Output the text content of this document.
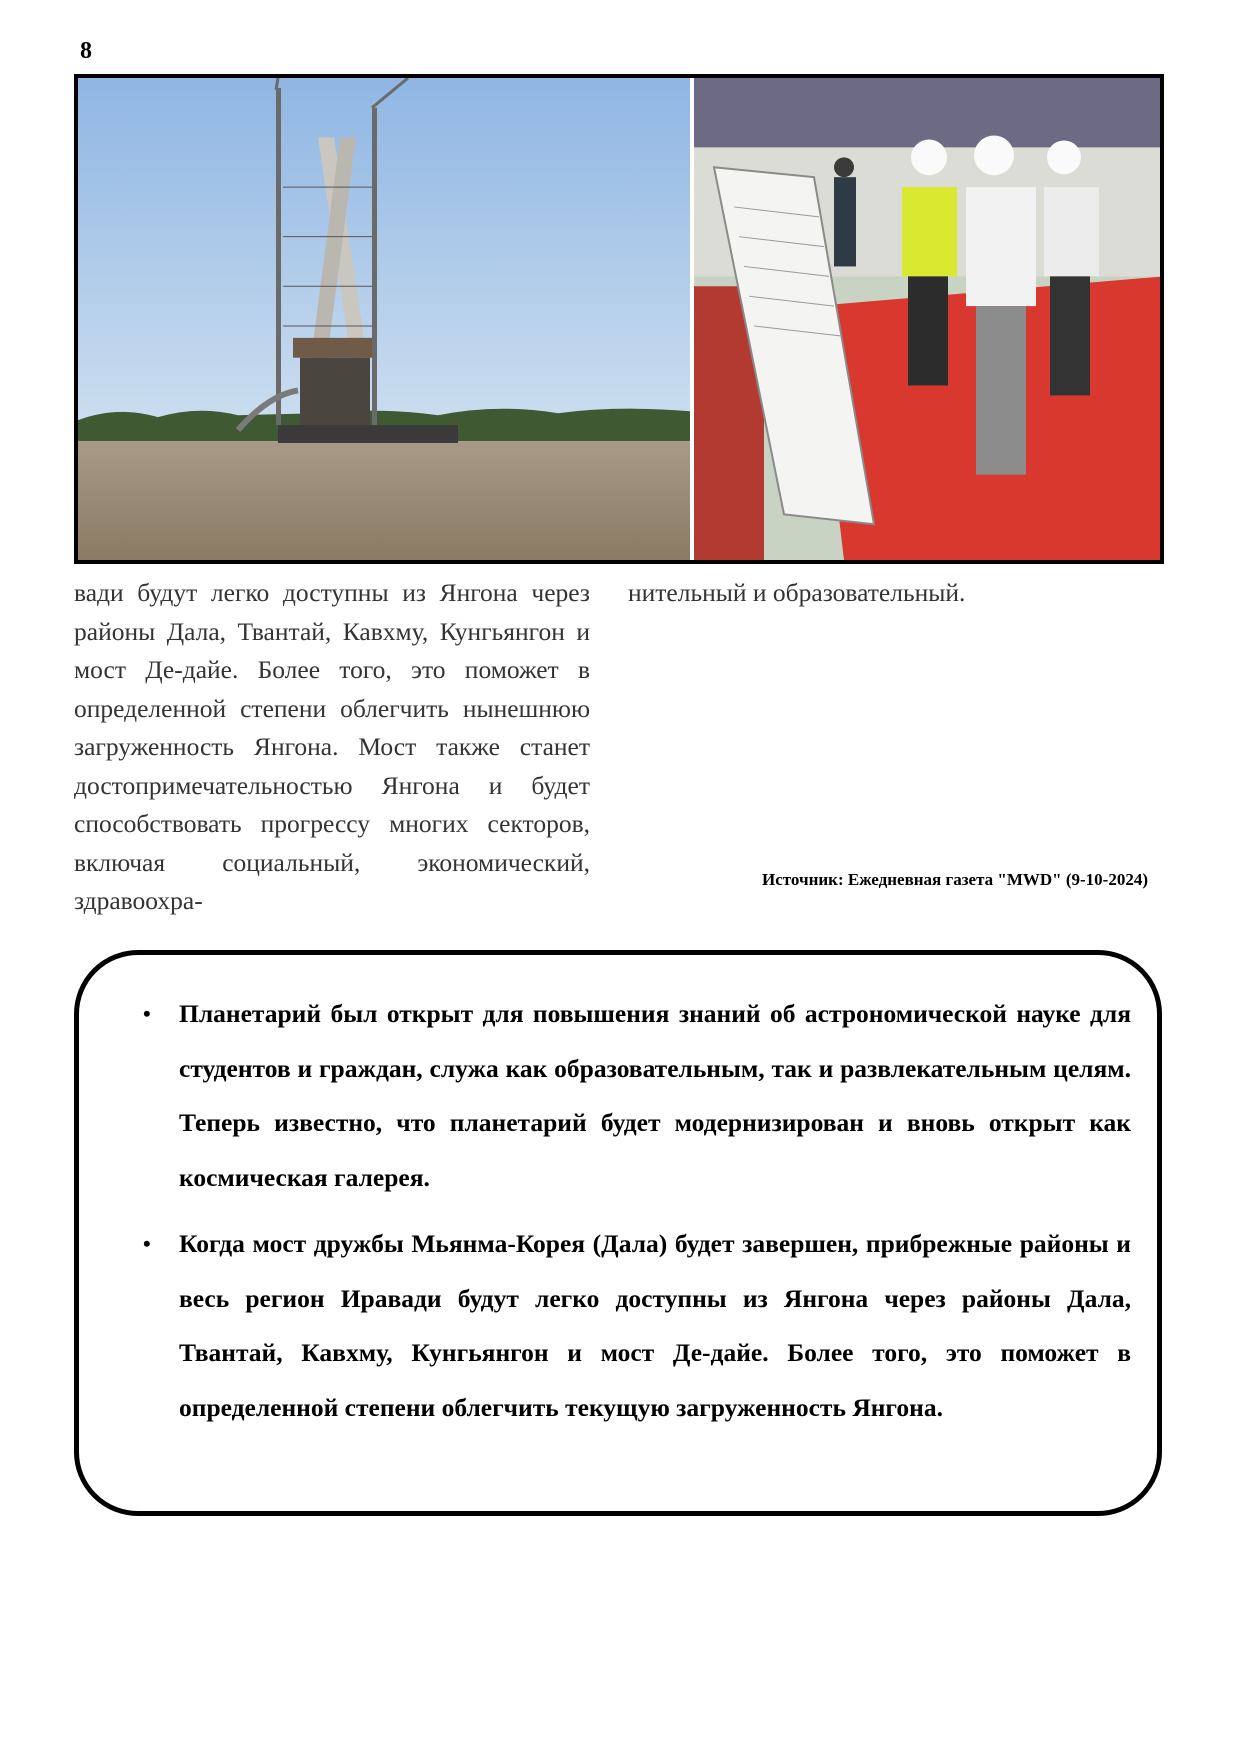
8
вади будут легко доступны из Янгона через районы Дала, Твантай, Кавхму, Кунгьянгон и мост Де-дайе. Более того, это поможет в определенной степени облегчить нынешнюю загруженность Янгона. Мост также станет достопримечательностью Янгона и будет способствовать прогрессу многих секторов, включая социальный, экономический, здравоохра-
нительный и образовательный.
Источник: Ежедневная газета "MWD" (9-10-2024)
• Планетарий был открыт для повышения знаний об астрономической науке для студентов и граждан, служа как образовательным, так и развлекательным целям. Теперь известно, что планетарий будет модернизирован и вновь открыт как космическая галерея.
• Когда мост дружбы Мьянма-Корея (Дала) будет завершен, прибрежные районы и весь регион Иравади будут легко доступны из Янгона через районы Дала, Твантай, Кавхму, Кунгьянгон и мост Де-дайе. Более того, это поможет в определенной степени облегчить текущую загруженность Янгона.
